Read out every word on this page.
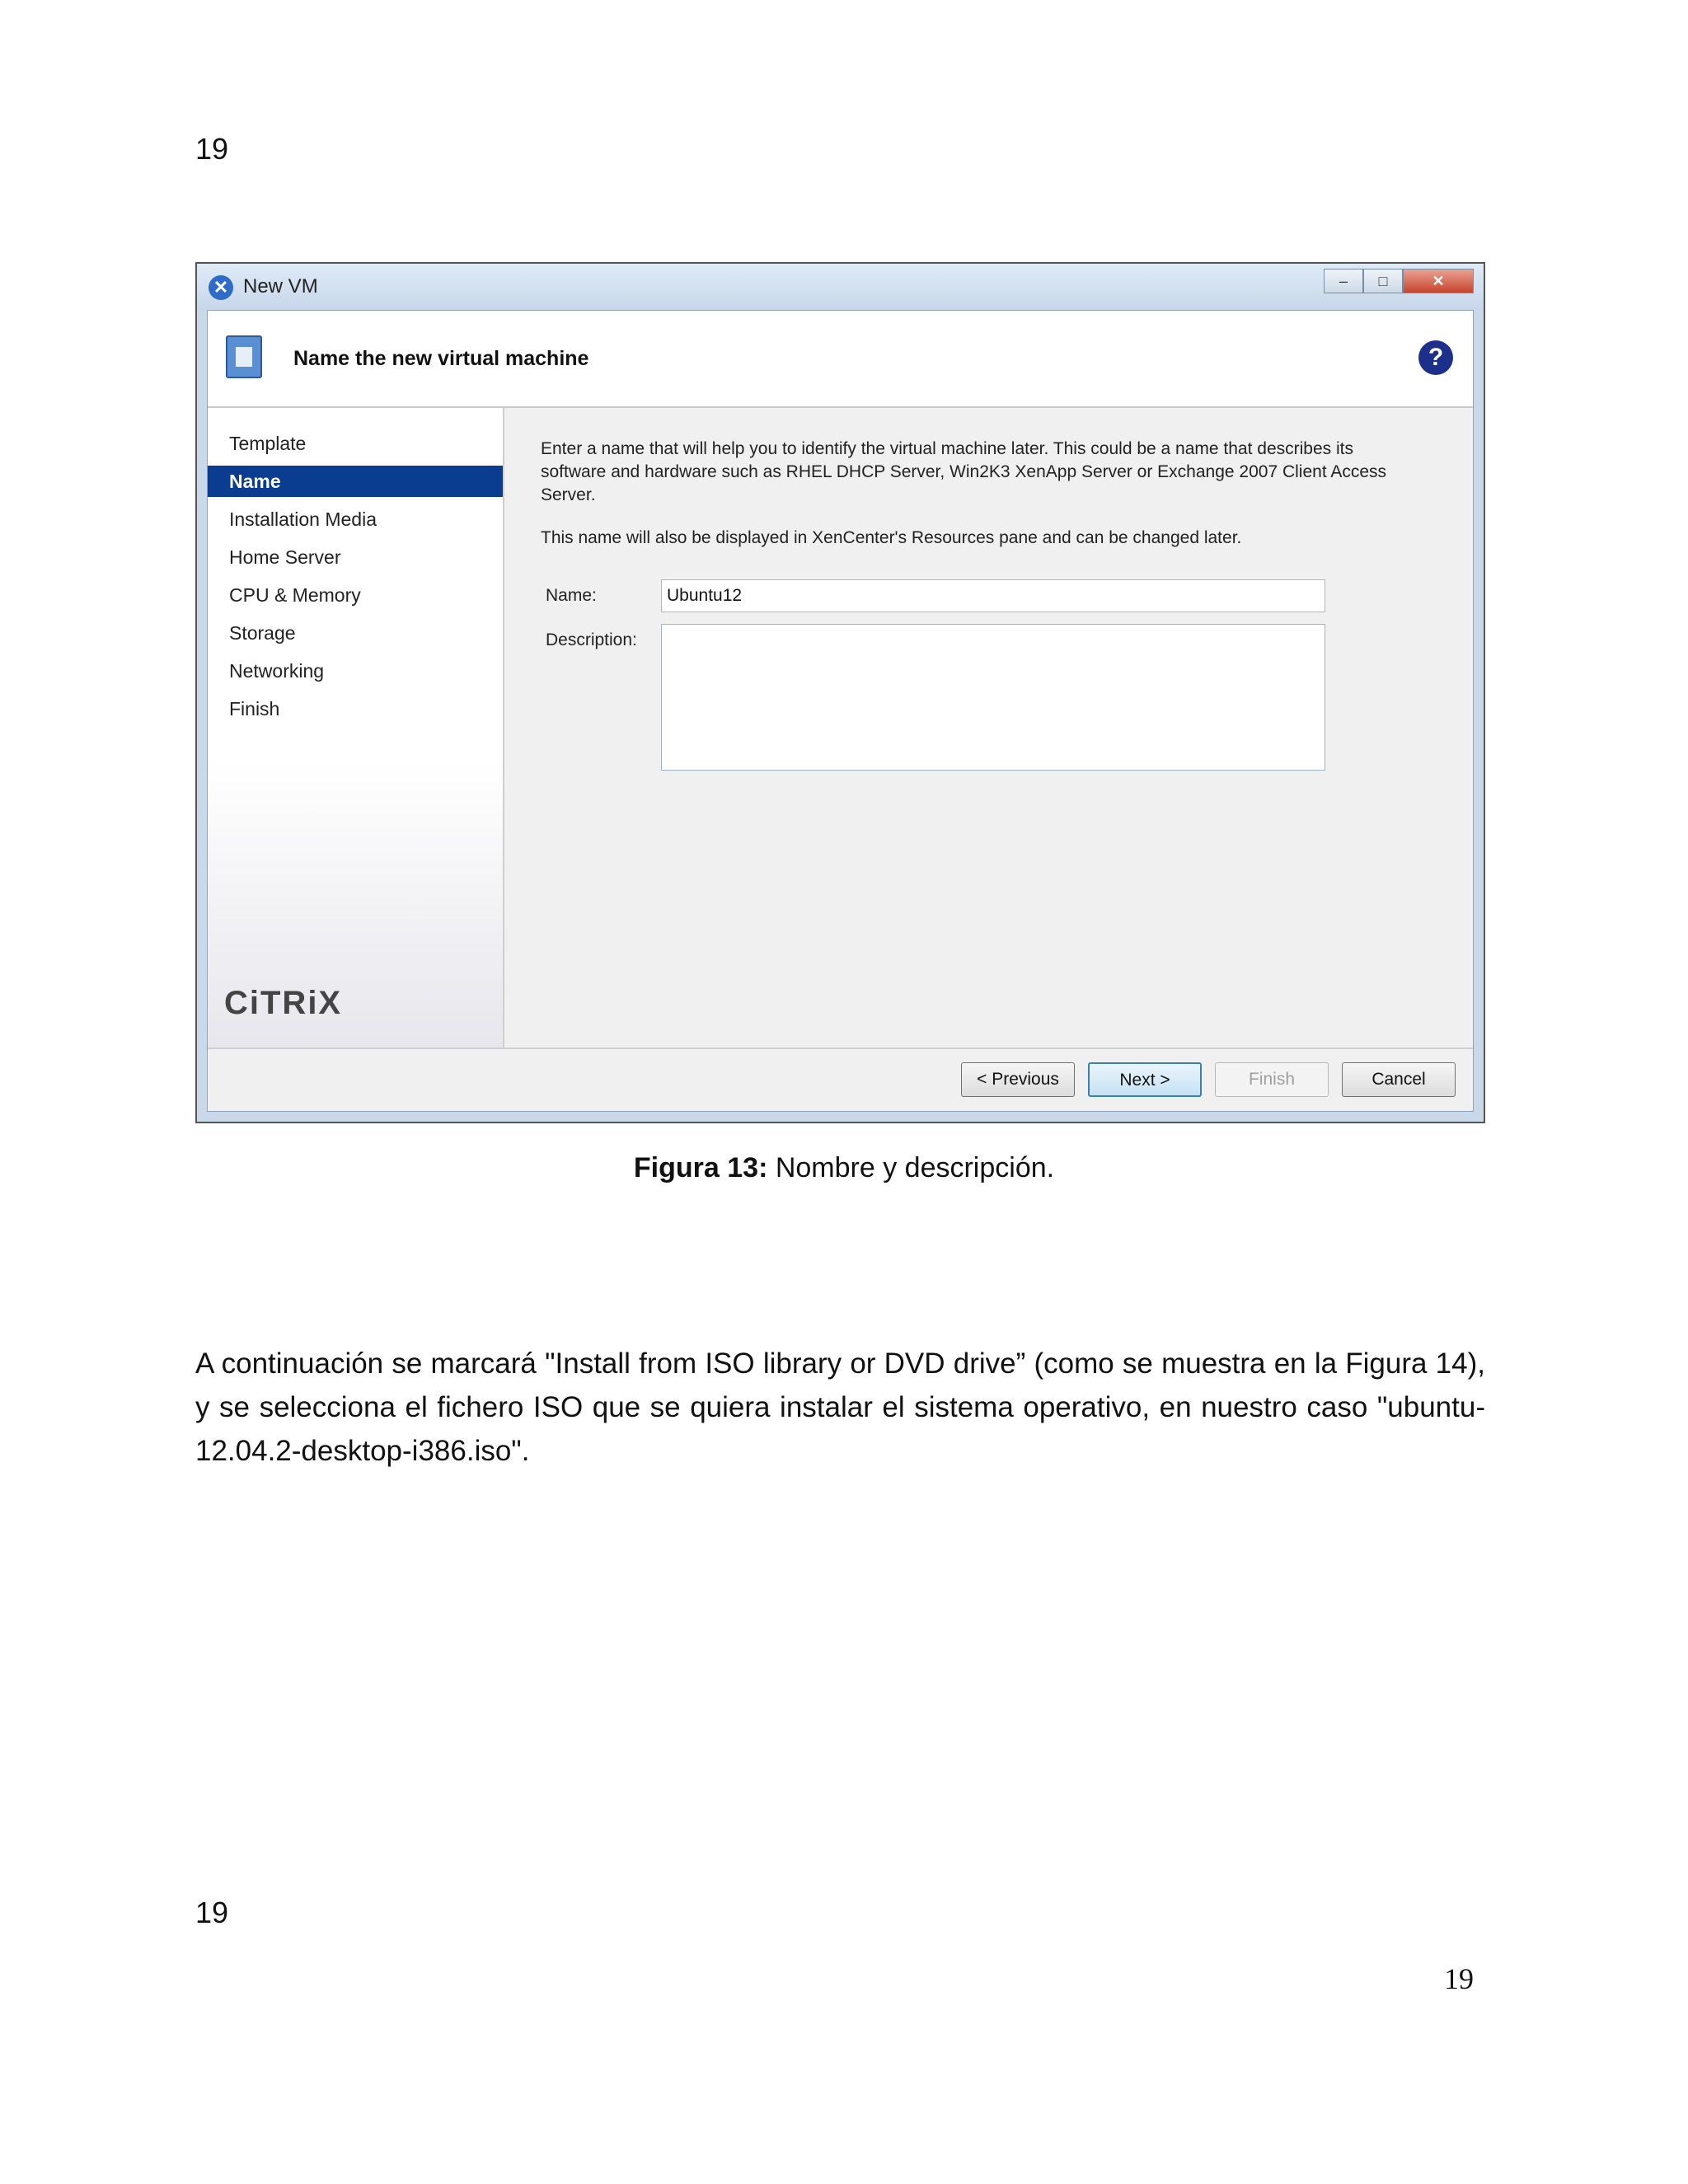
19
✕ New VM	–	□	✕
Name the new virtual machine	?
Template
Name
Installation Media
Home Server
CPU & Memory
Storage
Networking
Finish
CiTRiX
Enter a name that will help you to identify the virtual machine later. This could be a name that describes its software and hardware such as RHEL DHCP Server, Win2K3 XenApp Server or Exchange 2007 Client Access Server.
This name will also be displayed in XenCenter's Resources pane and can be changed later.
Name:
Ubuntu12
Description:
< Previous	Next >	Finish	Cancel
Figura 13: Nombre y descripción.
A continuación se marcará "Install from ISO library or DVD drive” (como se muestra en la Figura 14), y se selecciona el fichero ISO que se quiera instalar el sistema operativo, en nuestro caso "ubuntu-12.04.2-desktop-i386.iso".
19
19
